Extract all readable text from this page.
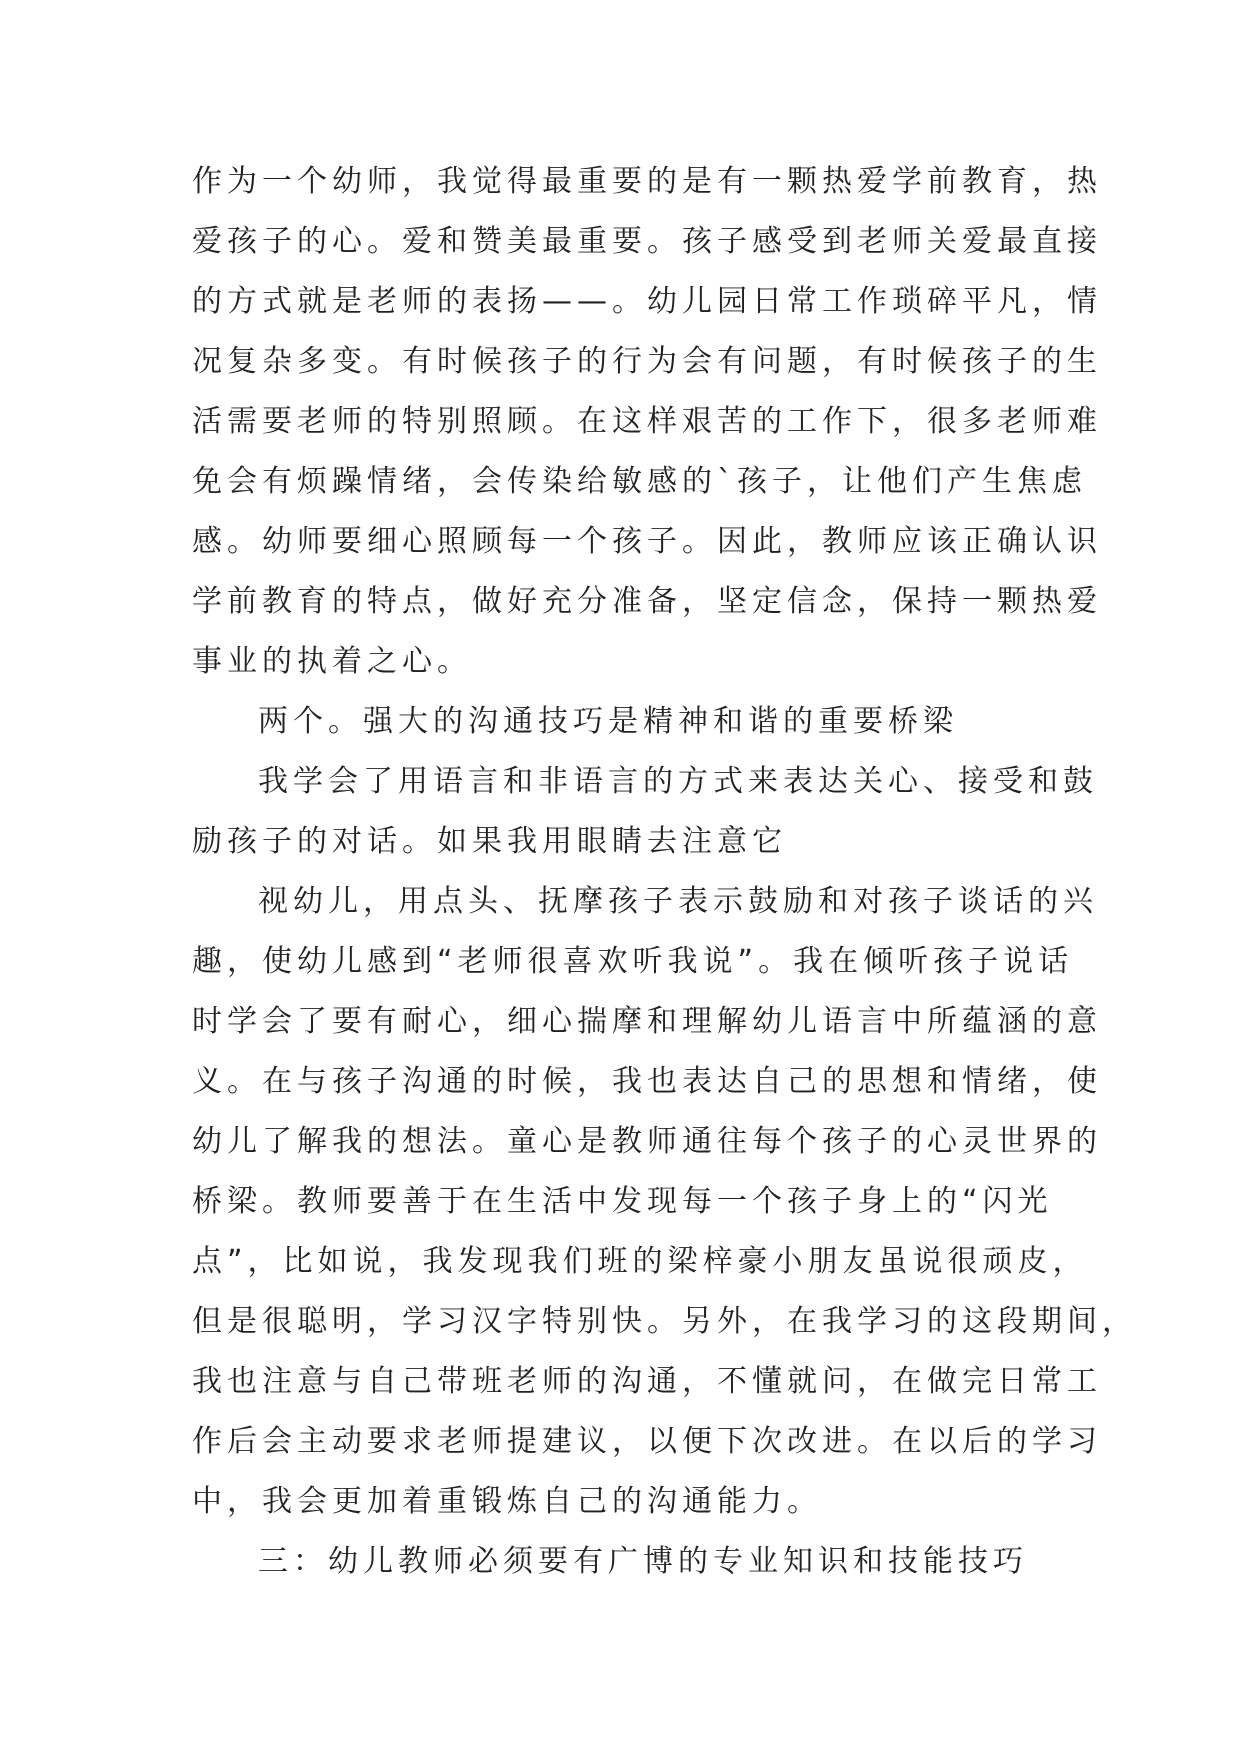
作为一个幼师，我觉得最重要的是有一颗热爱学前教育，热
爱孩子的心。爱和赞美最重要。孩子感受到老师关爱最直接
的方式就是老师的表扬——。幼儿园日常工作琐碎平凡，情
况复杂多变。有时候孩子的行为会有问题，有时候孩子的生
活需要老师的特别照顾。在这样艰苦的工作下，很多老师难
免会有烦躁情绪，会传染给敏感的`孩子，让他们产生焦虑
感。幼师要细心照顾每一个孩子。因此，教师应该正确认识
学前教育的特点，做好充分准备，坚定信念，保持一颗热爱
事业的执着之心。
两个。强大的沟通技巧是精神和谐的重要桥梁
我学会了用语言和非语言的方式来表达关心、接受和鼓
励孩子的对话。如果我用眼睛去注意它
视幼儿，用点头、抚摩孩子表示鼓励和对孩子谈话的兴
趣，使幼儿感到“老师很喜欢听我说”。我在倾听孩子说话
时学会了要有耐心，细心揣摩和理解幼儿语言中所蕴涵的意
义。在与孩子沟通的时候，我也表达自己的思想和情绪，使
幼儿了解我的想法。童心是教师通往每个孩子的心灵世界的
桥梁。教师要善于在生活中发现每一个孩子身上的“闪光
点”，比如说，我发现我们班的梁梓豪小朋友虽说很顽皮，
但是很聪明，学习汉字特别快。另外，在我学习的这段期间，
我也注意与自己带班老师的沟通，不懂就问，在做完日常工
作后会主动要求老师提建议，以便下次改进。在以后的学习
中，我会更加着重锻炼自己的沟通能力。
三：幼儿教师必须要有广博的专业知识和技能技巧
